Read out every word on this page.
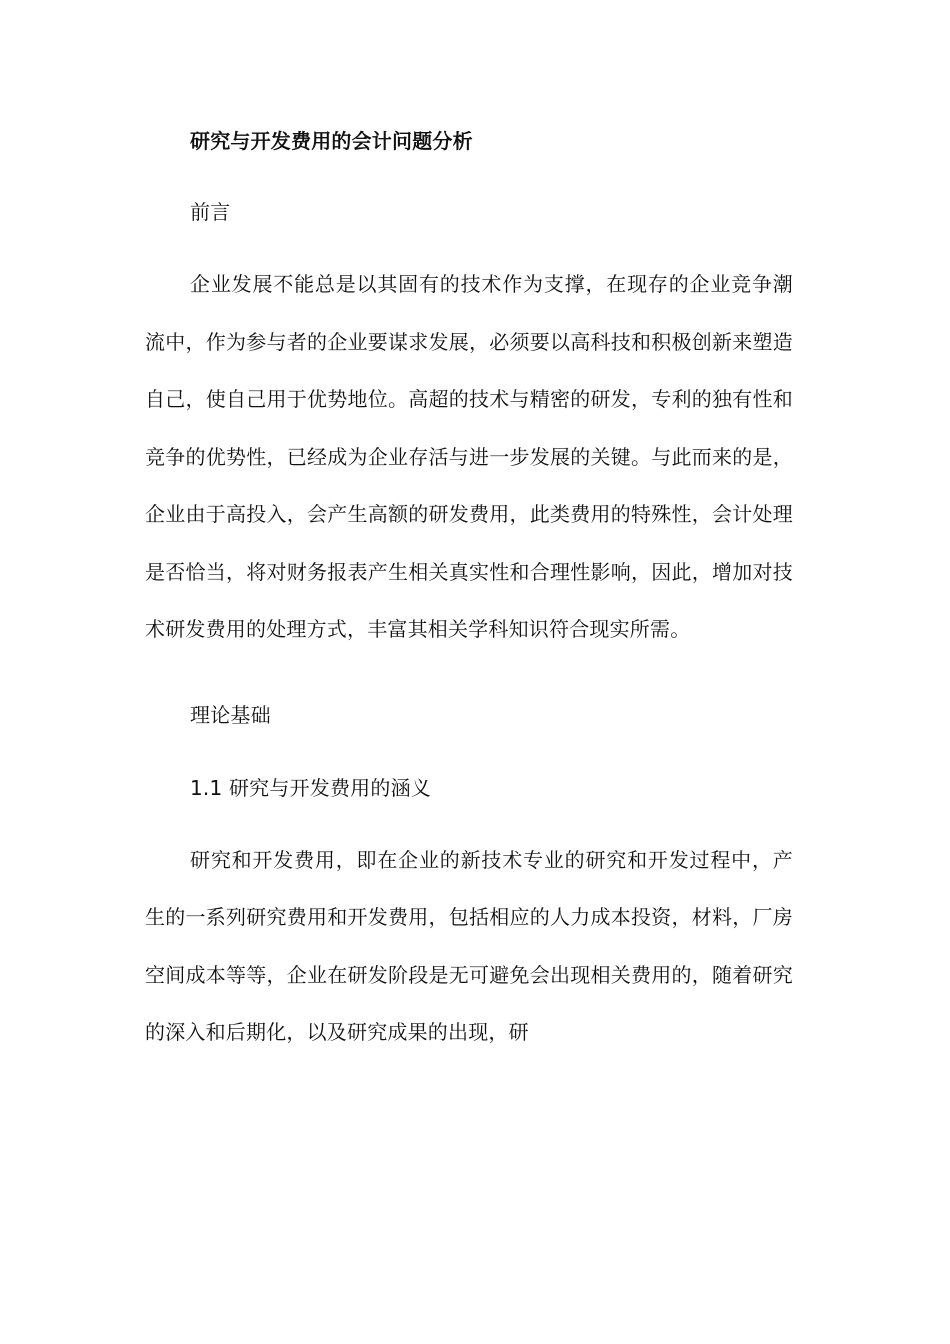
研究与开发费用的会计问题分析
前言

企业发展不能总是以其固有的技术作为支撑，在现存的企业竞争潮流中，作为参与者的企业要谋求发展，必须要以高科技和积极创新来塑造自己，使自己用于优势地位。高超的技术与精密的研发，专利的独有性和竞争的优势性，已经成为企业存活与进一步发展的关键。与此而来的是，企业由于高投入，会产生高额的研发费用，此类费用的特殊性，会计处理是否恰当，将对财务报表产生相关真实性和合理性影响，因此，增加对技术研发费用的处理方式，丰富其相关学科知识符合现实所需。

理论基础
1.1 研究与开发费用的涵义

研究和开发费用，即在企业的新技术专业的研究和开发过程中，产生的一系列研究费用和开发费用，包括相应的人力成本投资，材料，厂房空间成本等等，企业在研发阶段是无可避免会出现相关费用的，随着研究的深入和后期化，以及研究成果的出现，研
